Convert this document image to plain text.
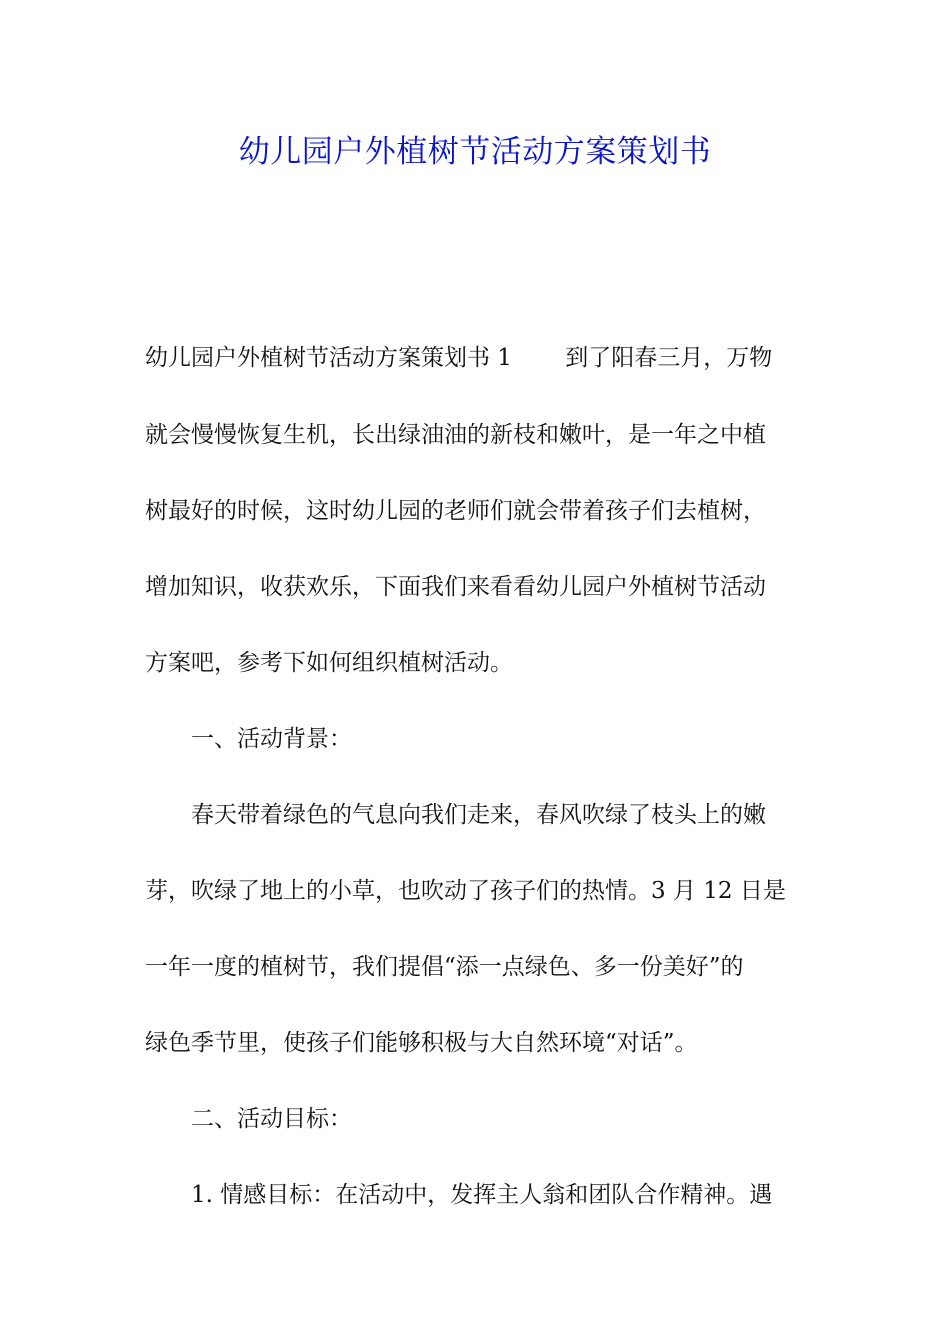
幼儿园户外植树节活动方案策划书
幼儿园户外植树节活动方案策划书 1　　 到了阳春三月，万物
就会慢慢恢复生机，长出绿油油的新枝和嫩叶，是一年之中植
树最好的时候，这时幼儿园的老师们就会带着孩子们去植树，
增加知识，收获欢乐，下面我们来看看幼儿园户外植树节活动
方案吧，参考下如何组织植树活动。
　　一、活动背景：
　　春天带着绿色的气息向我们走来，春风吹绿了枝头上的嫩
芽，吹绿了地上的小草，也吹动了孩子们的热情。3 月 12 日是
一年一度的植树节，我们提倡“添一点绿色、多一份美好”的
绿色季节里，使孩子们能够积极与大自然环境“对话”。
　　二、活动目标：
　　1. 情感目标：在活动中，发挥主人翁和团队合作精神。遇
